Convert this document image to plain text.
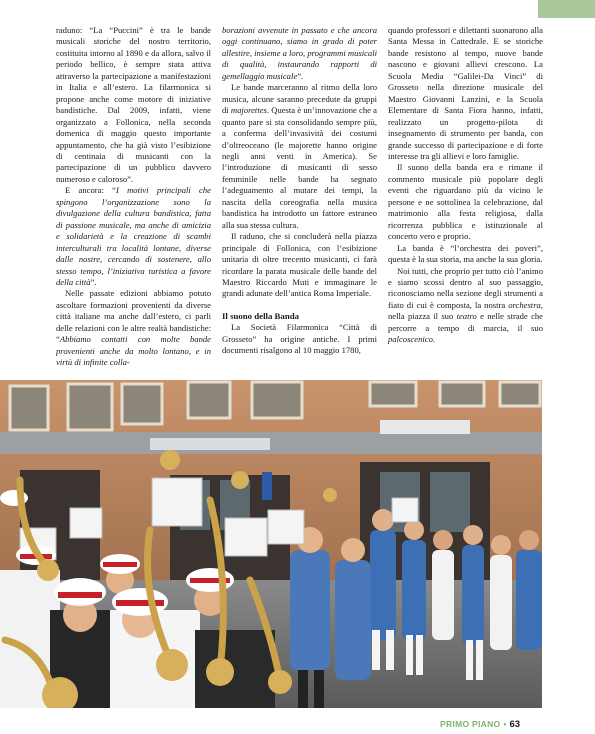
raduno: “La “Puccini” è tra le bande musicali storiche del nostro territorio, costituita intorno al 1890 e da allora, salvo il periodo bellico, è sempre stata attiva attraverso la partecipazione a manifestazioni in Italia e all’estero. La filarmonica si propone anche come motore di iniziative bandistiche. Dal 2009, infatti, viene organizzato a Follonica, nella seconda domenica di maggio questo importante appuntamento, che ha già visto l’esibizione di centinaia di musicanti con la partecipazione di un pubblico davvero numeroso e caloroso”.

E ancora: “I motivi principali che spingono l’organizzazione sono la divulgazione della cultura bandistica, fatta di passione musicale, ma anche di amicizia e solidarietà e la creazione di scambi interculturali tra località lontane, diverse dalle nostre, cercando di sostenere, allo stesso tempo, l’iniziativa turistica a favore della città”.

Nelle passate edizioni abbiamo potuto ascoltare formazioni provenienti da diverse città italiane ma anche dall’estero, ci parli delle relazioni con le altre realtà bandistiche: “Abbiamo contatti con molte bande provenienti anche da molto lontano, e in virtù di infinite colla-

borazioni avvenute in passato e che ancora oggi continuano, siamo in grado di poter allestire, insieme a loro, programmi musicali di qualità, instaurando rapporti di gemellaggio musicale”.

Le bande marceranno al ritmo della loro musica, alcune saranno precedute da gruppi di majorettes. Questa è un’innovazione che a quanto pare si sta consolidando sempre più, a conferma dell’invasività dei costumi d’oltreoceano (le majorette hanno origine negli anni venti in America). Se l’introduzione di musicanti di sesso femminile nelle bande ha segnato l’adeguamento al mutare dei tempi, la nascita della coreografia nella musica bandistica ha introdotto un fattore estraneo alla sua stessa cultura.

Il raduno, che si concluderà nella piazza principale di Follonica, con l’esibizione unitaria di oltre trecento musicanti, ci farà ricordare la parata musicale delle bande del Maestro Riccardo Muti e immaginare le grandi adunate dell’antica Roma Imperiale.

Il suono della Banda

La Società Filarmonica “Città di Grosseto” ha origine antiche. I primi documenti risalgono al 10 maggio 1780,

quando professori e dilettanti suonarono alla Santa Messa in Cattedrale. E se storiche bande resistono al tempo, nuove bande nascono e giovani allievi crescono. La Scuola Media “Galilei-Da Vinci” di Grosseto nella direzione musicale del Maestro Giovanni Lanzini, e la Scuola Elementare di Santa Fiora hanno, infatti, realizzato un progetto-pilota di insegnamento di strumento per banda, con grande successo di partecipazione e di forte interesse tra gli allievi e loro famiglie.

Il suono della banda era e rimane il commento musicale più popolare degli eventi che riguardano più da vicino le persone e ne sottolinea la celebrazione, dal matrimonio alla festa religiosa, dalla ricorrenza pubblica e istituzionale al concerto vero e proprio.

La banda è “l’orchestra dei poveri”, questa è la sua storia, ma anche la sua gloria.

Noi tutti, che proprio per tutto ciò l’animo e siamo scossi dentro al suo passaggio, riconosciamo nella sezione degli strumenti a fiato di cui è composta, la nostra orchestra, nella piazza il suo teatro e nelle strade che percorre a tempo di marcia, il suo palcoscenico.

PRIMO PIANO • 63
